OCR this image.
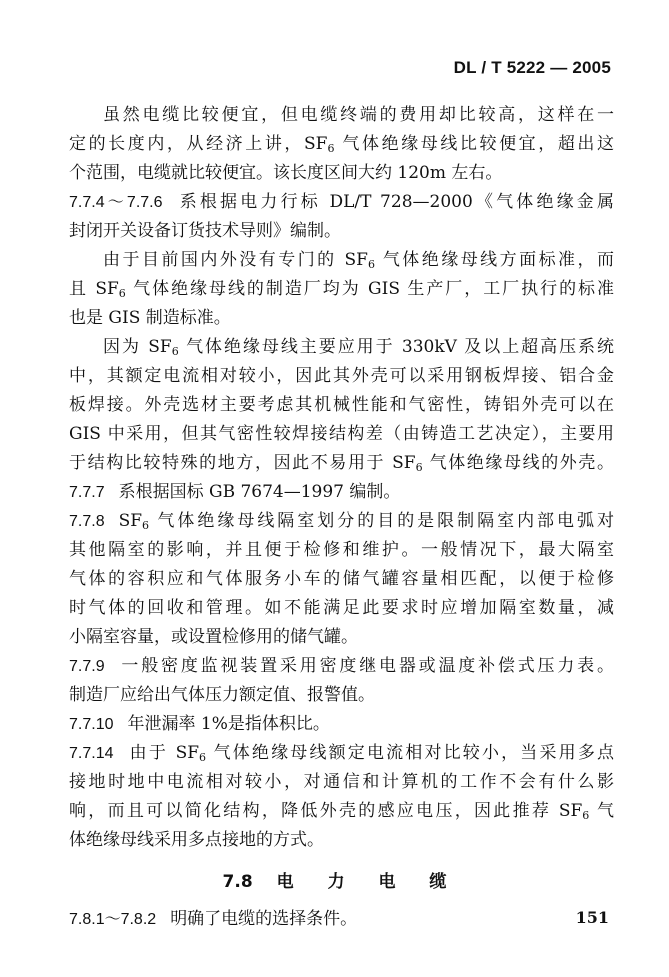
DL / T 5222 — 2005
虽然电缆比较便宜，但电缆终端的费用却比较高，这样在一
定的长度内，从经济上讲，$SF_6$ 气体绝缘母线比较便宜，超出这
个范围，电缆就比较便宜。该长度区间大约 120m 左右。
7.7.4～7.7.6 系根据电力行标 DL/T 728—2000《气体绝缘金属
封闭开关设备订货技术导则》编制。
由于目前国内外没有专门的 $SF_6$ 气体绝缘母线方面标准，而
且 $SF_6$ 气体绝缘母线的制造厂均为 GIS 生产厂，工厂执行的标准
也是 GIS 制造标准。
因为 $SF_6$ 气体绝缘母线主要应用于 330kV 及以上超高压系统
中，其额定电流相对较小，因此其外壳可以采用钢板焊接、铝合金
板焊接。外壳选材主要考虑其机械性能和气密性，铸铝外壳可以在
GIS 中采用，但其气密性较焊接结构差（由铸造工艺决定），主要用
于结构比较特殊的地方，因此不易用于 $SF_6$ 气体绝缘母线的外壳。
7.7.7 系根据国标 GB 7674—1997 编制。
7.7.8 $SF_6$ 气体绝缘母线隔室划分的目的是限制隔室内部电弧对
其他隔室的影响，并且便于检修和维护。一般情况下，最大隔室
气体的容积应和气体服务小车的储气罐容量相匹配，以便于检修
时气体的回收和管理。如不能满足此要求时应增加隔室数量，减
小隔室容量，或设置检修用的储气罐。
7.7.9 一般密度监视装置采用密度继电器或温度补偿式压力表。
制造厂应给出气体压力额定值、报警值。
7.7.10 年泄漏率 1%是指体积比。
7.7.14 由于 $SF_6$ 气体绝缘母线额定电流相对比较小，当采用多点
接地时地中电流相对较小，对通信和计算机的工作不会有什么影
响，而且可以简化结构，降低外壳的感应电压，因此推荐 $SF_6$ 气
体绝缘母线采用多点接地的方式。
7.8 电 力 电 缆
7.8.1～7.8.2 明确了电缆的选择条件。	151
